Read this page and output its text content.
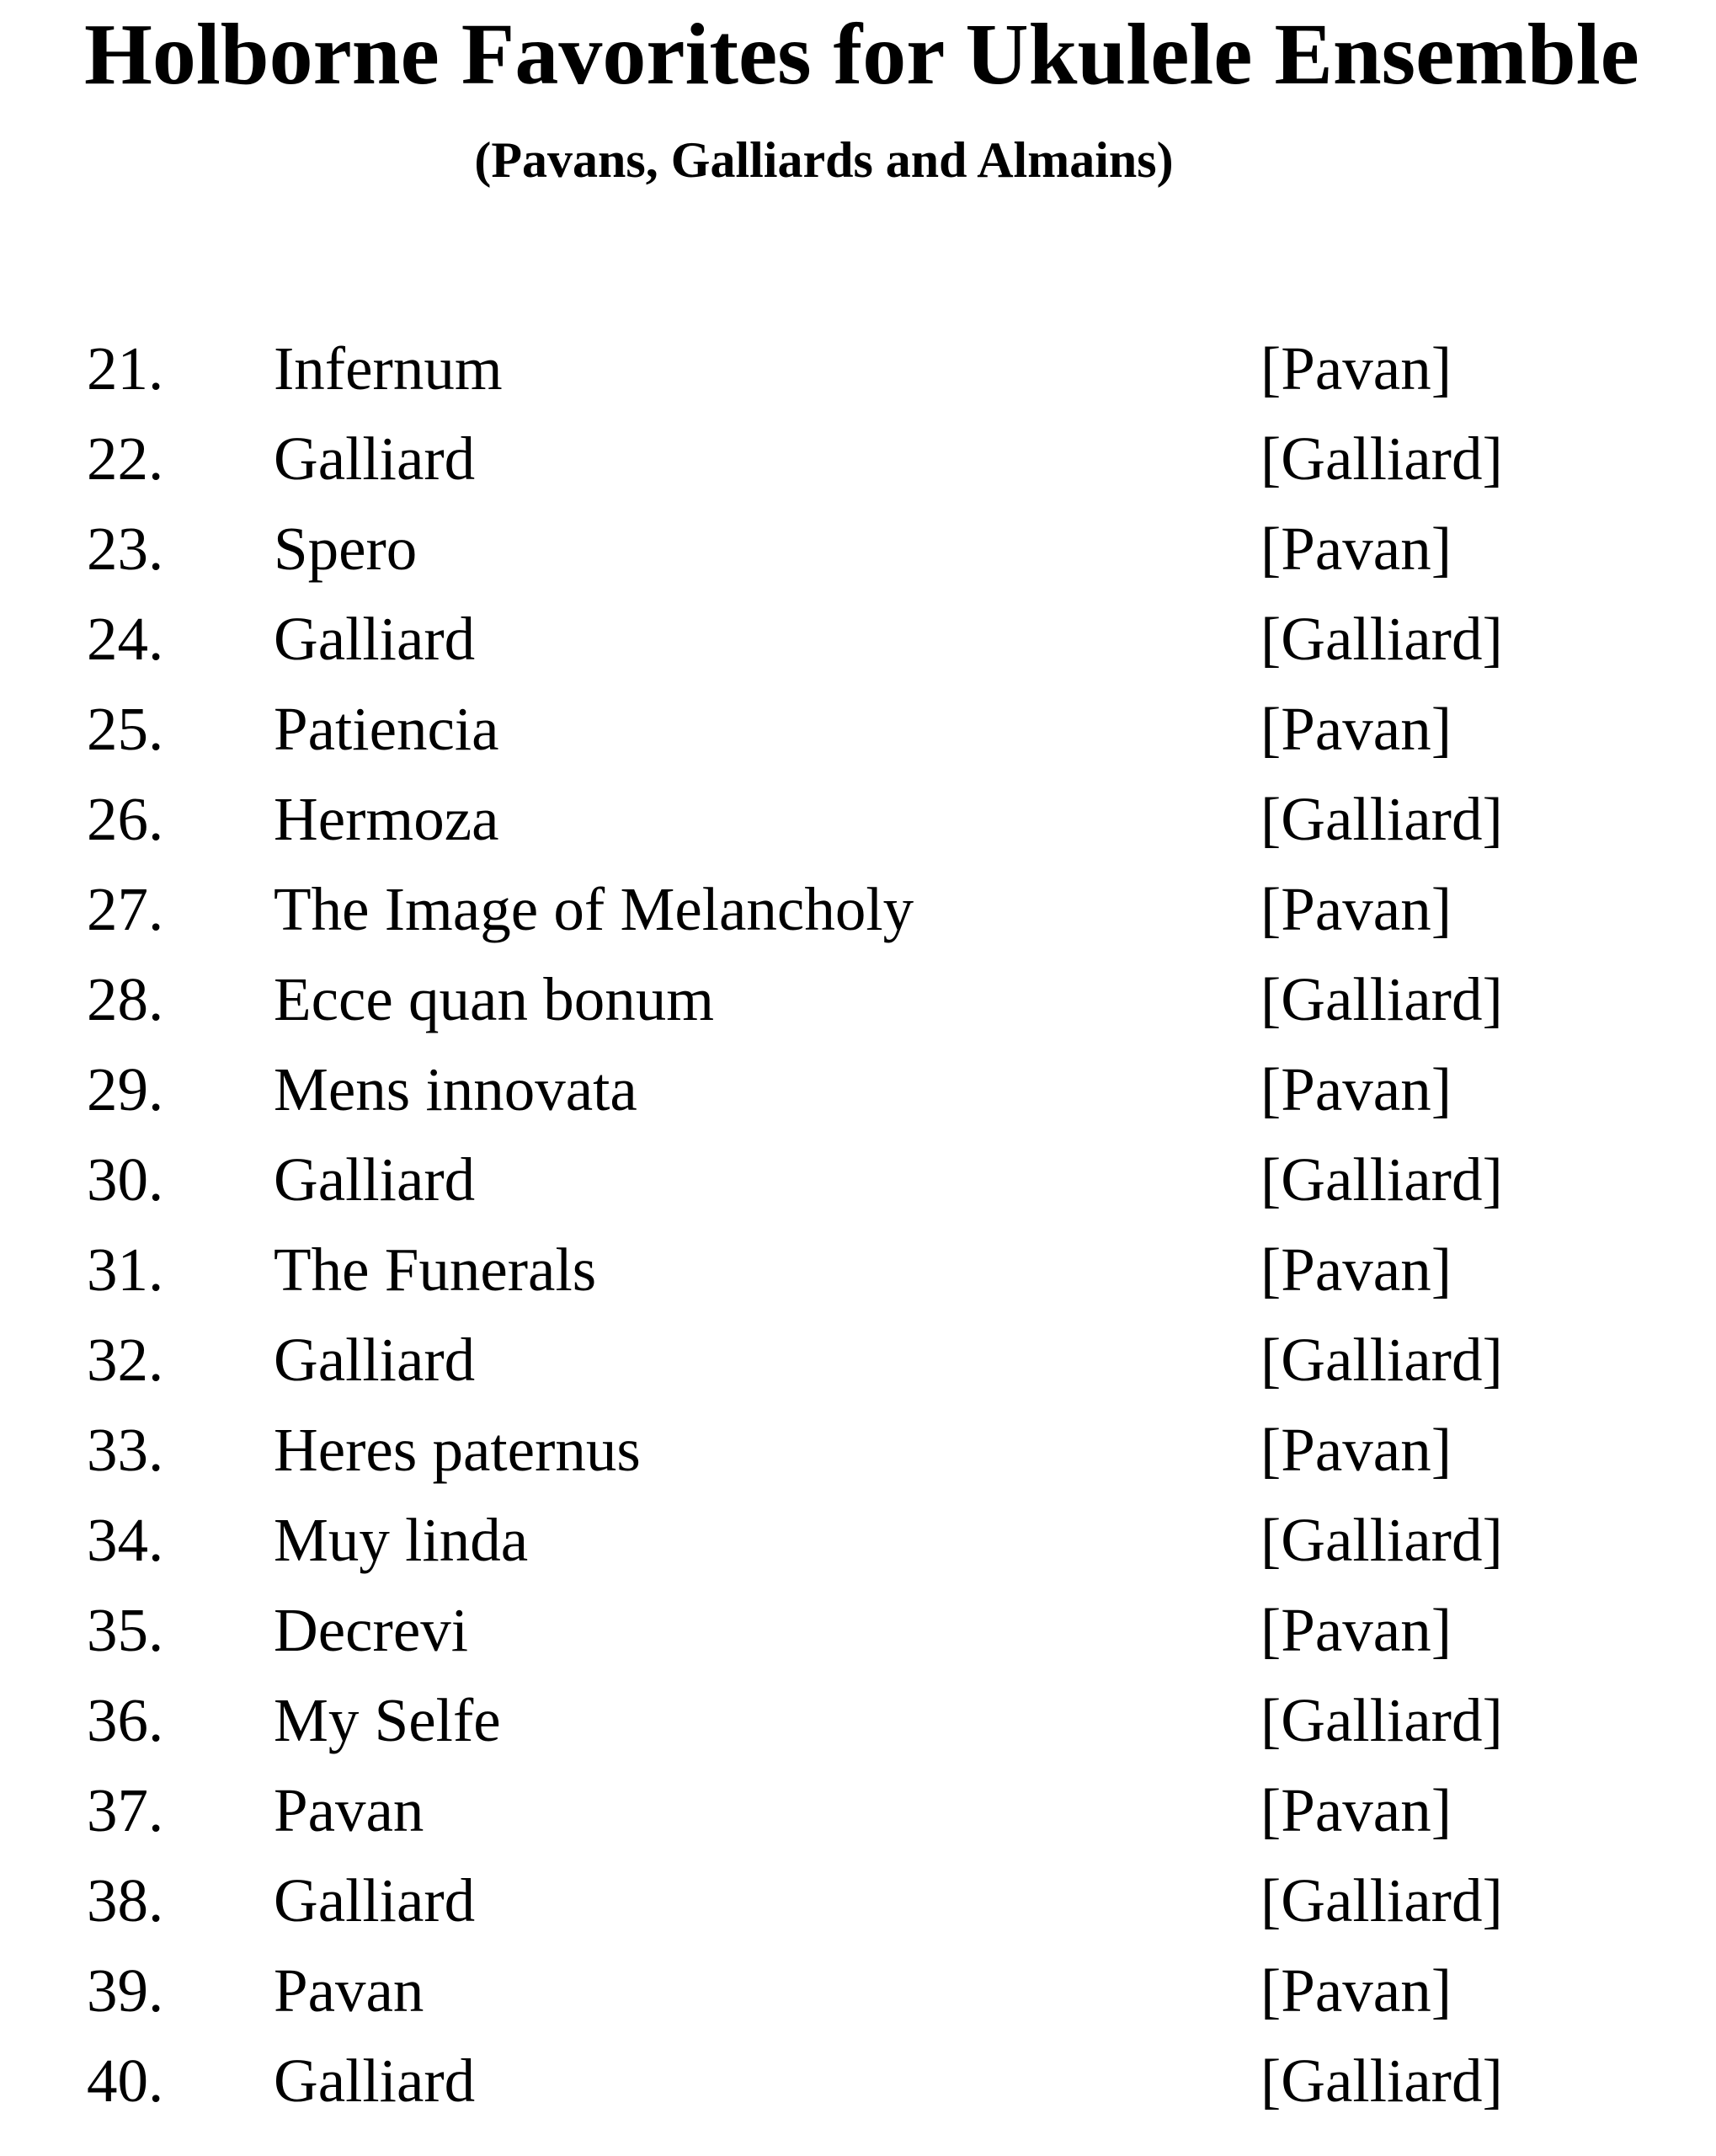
Holborne Favorites for Ukulele Ensemble
(Pavans, Galliards and Almains)
21.	Infernum	[Pavan]
22.	Galliard	[Galliard]
23.	Spero	[Pavan]
24.	Galliard	[Galliard]
25.	Patiencia	[Pavan]
26.	Hermoza	[Galliard]
27.	The Image of Melancholy	[Pavan]
28.	Ecce quan bonum	[Galliard]
29.	Mens innovata	[Pavan]
30.	Galliard	[Galliard]
31.	The Funerals	[Pavan]
32.	Galliard	[Galliard]
33.	Heres paternus	[Pavan]
34.	Muy linda	[Galliard]
35.	Decrevi	[Pavan]
36.	My Selfe	[Galliard]
37.	Pavan	[Pavan]
38.	Galliard	[Galliard]
39.	Pavan	[Pavan]
40.	Galliard	[Galliard]
